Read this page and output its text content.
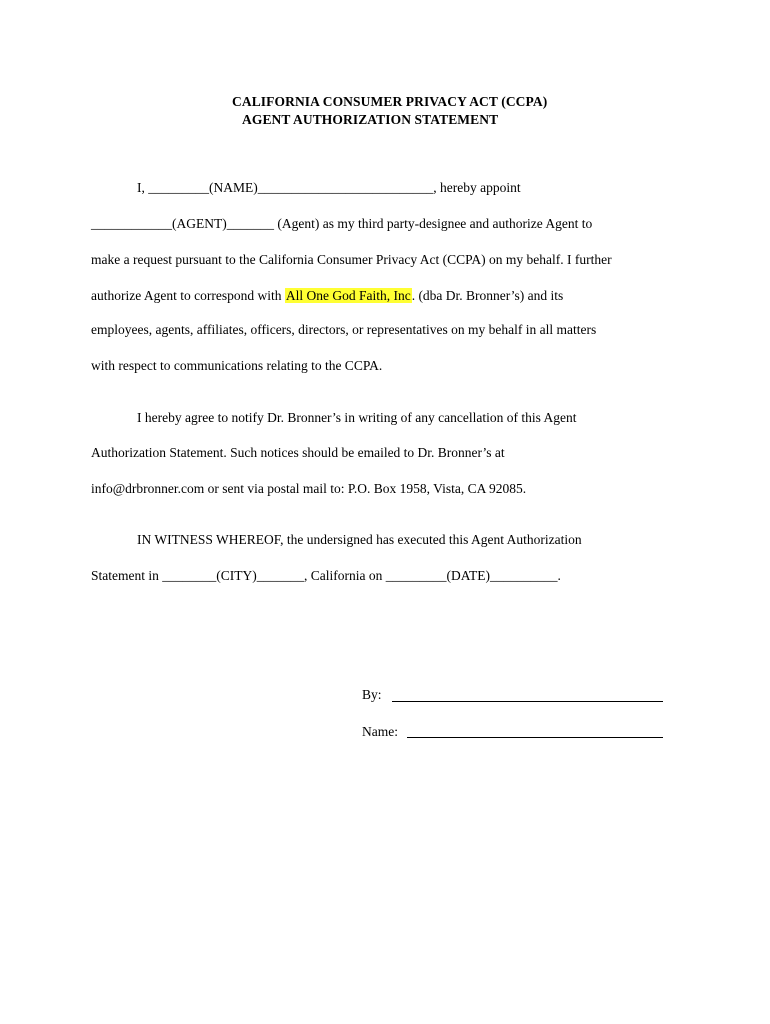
CALIFORNIA CONSUMER PRIVACY ACT (CCPA)
AGENT AUTHORIZATION STATEMENT
I, _________(NAME)__________________________, hereby appoint
____________(AGENT)_______ (Agent) as my third party-designee and authorize Agent to
make a request pursuant to the California Consumer Privacy Act (CCPA) on my behalf. I further
authorize Agent to correspond with All One God Faith, Inc. (dba Dr. Bronner’s) and its
employees, agents, affiliates, officers, directors, or representatives on my behalf in all matters
with respect to communications relating to the CCPA.
I hereby agree to notify Dr. Bronner’s in writing of any cancellation of this Agent
Authorization Statement. Such notices should be emailed to Dr. Bronner’s at
info@drbronner.com or sent via postal mail to: P.O. Box 1958, Vista, CA 92085.
IN WITNESS WHEREOF, the undersigned has executed this Agent Authorization
Statement in ________(CITY)_______, California on _________(DATE)__________.
By:
Name:
